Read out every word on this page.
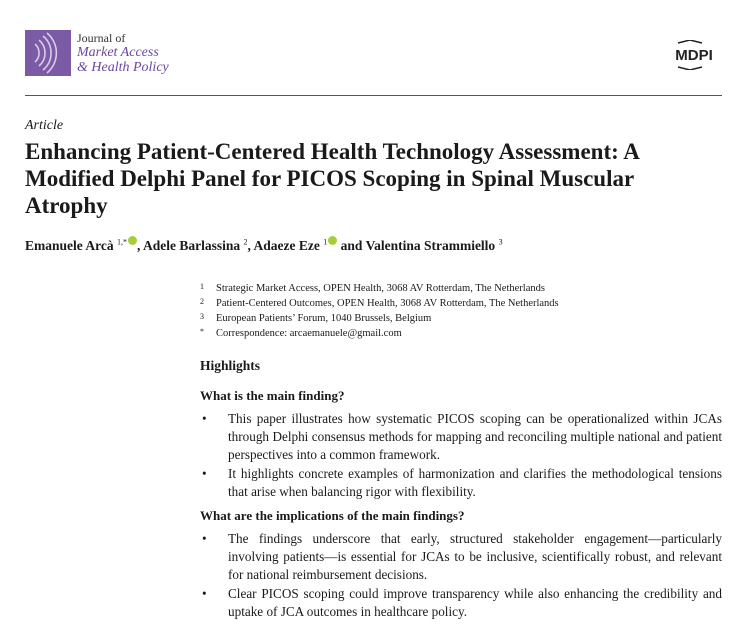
Journal of
Market Access
& Health Policy
MDPI
Article
Enhancing Patient-Centered Health Technology Assessment: A Modified Delphi Panel for PICOS Scoping in Spinal Muscular Atrophy
Emanuele Arcà $^{1,*}$ , Adele Barlassina $^2$, Adaeze Eze $^1$ and Valentina Strammiello $^3$
1 Strategic Market Access, OPEN Health, 3068 AV Rotterdam, The Netherlands
2 Patient-Centered Outcomes, OPEN Health, 3068 AV Rotterdam, The Netherlands
3 European Patients’ Forum, 1040 Brussels, Belgium
* Correspondence: arcaemanuele@gmail.com
Highlights
What is the main finding?
• This paper illustrates how systematic PICOS scoping can be operationalized within JCAs through Delphi consensus methods for mapping and reconciling multiple national and patient perspectives into a common framework.
• It highlights concrete examples of harmonization and clarifies the methodological tensions that arise when balancing rigor with flexibility.
What are the implications of the main findings?
• The findings underscore that early, structured stakeholder engagement—particularly involving patients—is essential for JCAs to be inclusive, scientifically robust, and relevant for national reimbursement decisions.
• Clear PICOS scoping could improve transparency while also enhancing the credibility and uptake of JCA outcomes in healthcare policy.
